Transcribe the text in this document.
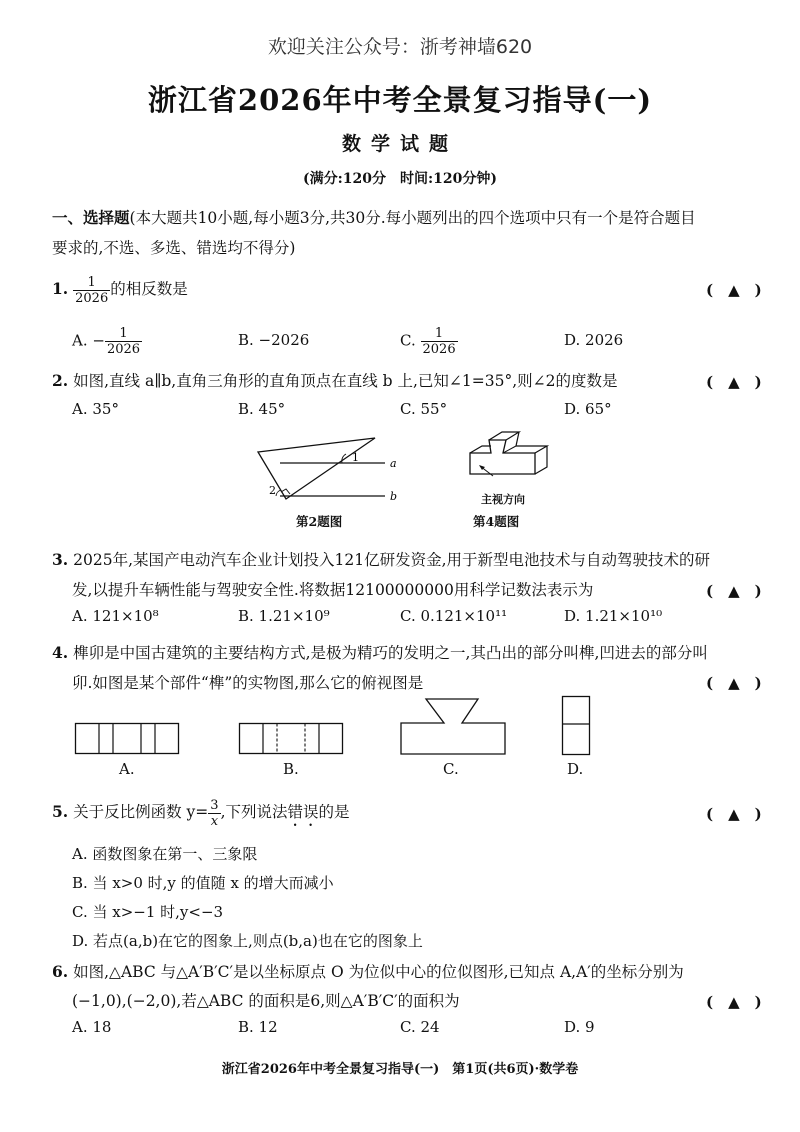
欢迎关注公众号：浙考神墙620
浙江省2026年中考全景复习指导(一)
数学试题
(满分:120分　时间:120分钟)
一、选择题(本大题共10小题,每小题3分,共30分.每小题列出的四个选项中只有一个是符合题目
要求的,不选、多选、错选均不得分)
1. $\frac{1}{2026}$ 的相反数是	(　▲　)
A. − $\frac{1}{2026}$	B. −2026	C. $\frac{1}{2026}$	D. 2026
2. 如图,直线 a∥b,直角三角形的直角顶点在直线 b 上,已知∠1=35°,则∠2的度数是	(　▲　)
A. 35°	B. 45°	C. 55°	D. 65°
1
2
a
b
第2题图
主视方向
第4题图
3. 2025年,某国产电动汽车企业计划投入121亿研发资金,用于新型电池技术与自动驾驶技术的研
发,以提升车辆性能与驾驶安全性.将数据12100000000用科学记数法表示为	(　▲　)
A. 121×10⁸	B. 1.21×10⁹	C. 0.121×10¹¹	D. 1.21×10¹⁰
4. 榫卯是中国古建筑的主要结构方式,是极为精巧的发明之一,其凸出的部分叫榫,凹进去的部分叫
卯.如图是某个部件“榫”的实物图,那么它的俯视图是	(　▲　)
A.	B.	C.	D.
5. 关于反比例函数 $y= \frac{3}{x}$ ,下列说法错误的是	(　▲　)
A. 函数图象在第一、三象限
B. 当 x>0 时,y 的值随 x 的增大而减小
C. 当 x>−1 时,y<−3
D. 若点(a,b)在它的图象上,则点(b,a)也在它的图象上
6. 如图,△ABC 与△A′B′C′是以坐标原点 O 为位似中心的位似图形,已知点 A,A′的坐标分别为
(−1,0),(−2,0),若△ABC 的面积是6,则△A′B′C′的面积为	(　▲　)
A. 18	B. 12	C. 24	D. 9
浙江省2026年中考全景复习指导(一)　第1页(共6页)·数学卷
